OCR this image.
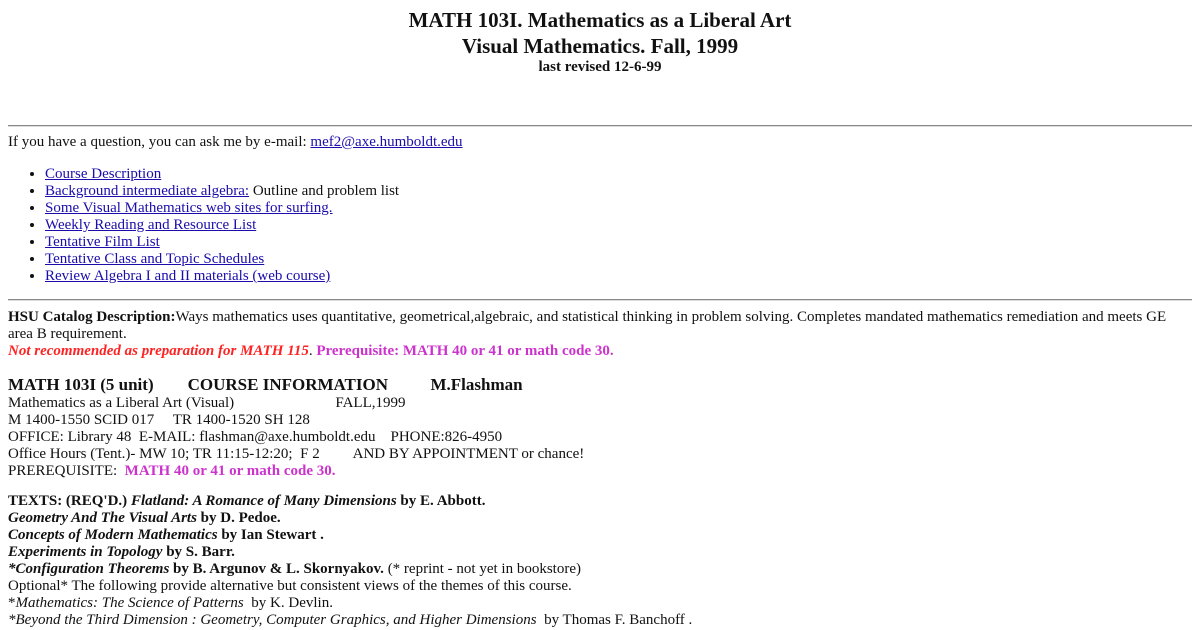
MATH 103I. Mathematics as a Liberal Art
Visual Mathematics. Fall, 1999
last revised 12-6-99
If you have a question, you can ask me by e-mail: mef2@axe.humboldt.edu
• Course Description
• Background intermediate algebra: Outline and problem list
• Some Visual Mathematics web sites for surfing.
• Weekly Reading and Resource List
• Tentative Film List
• Tentative Class and Topic Schedules
• Review Algebra I and II materials (web course)
HSU Catalog Description:Ways mathematics uses quantitative, geometrical,algebraic, and statistical thinking in problem solving. Completes mandated mathematics remediation and meets GE area B requirement.
Not recommended as preparation for MATH 115. Prerequisite: MATH 40 or 41 or math code 30.
MATH 103I (5 unit)        COURSE INFORMATION          M.Flashman
Mathematics as a Liberal Art (Visual)                           FALL,1999
M 1400-1550 SCID 017     TR 1400-1520 SH 128
OFFICE: Library 48  E-MAIL: flashman@axe.humboldt.edu    PHONE:826-4950
Office Hours (Tent.)- MW 10; TR 11:15-12:20;  F 2         AND BY APPOINTMENT or chance!
PREREQUISITE:  MATH 40 or 41 or math code 30.
TEXTS: (REQ'D.) Flatland: A Romance of Many Dimensions by E. Abbott.
Geometry And The Visual Arts by D. Pedoe.
Concepts of Modern Mathematics by Ian Stewart .
Experiments in Topology by S. Barr.
*Configuration Theorems by B. Argunov & L. Skornyakov. (* reprint - not yet in bookstore)
Optional* The following provide alternative but consistent views of the themes of this course.
*Mathematics: The Science of Patterns  by K. Devlin.
*Beyond the Third Dimension : Geometry, Computer Graphics, and Higher Dimensions  by Thomas F. Banchoff .
